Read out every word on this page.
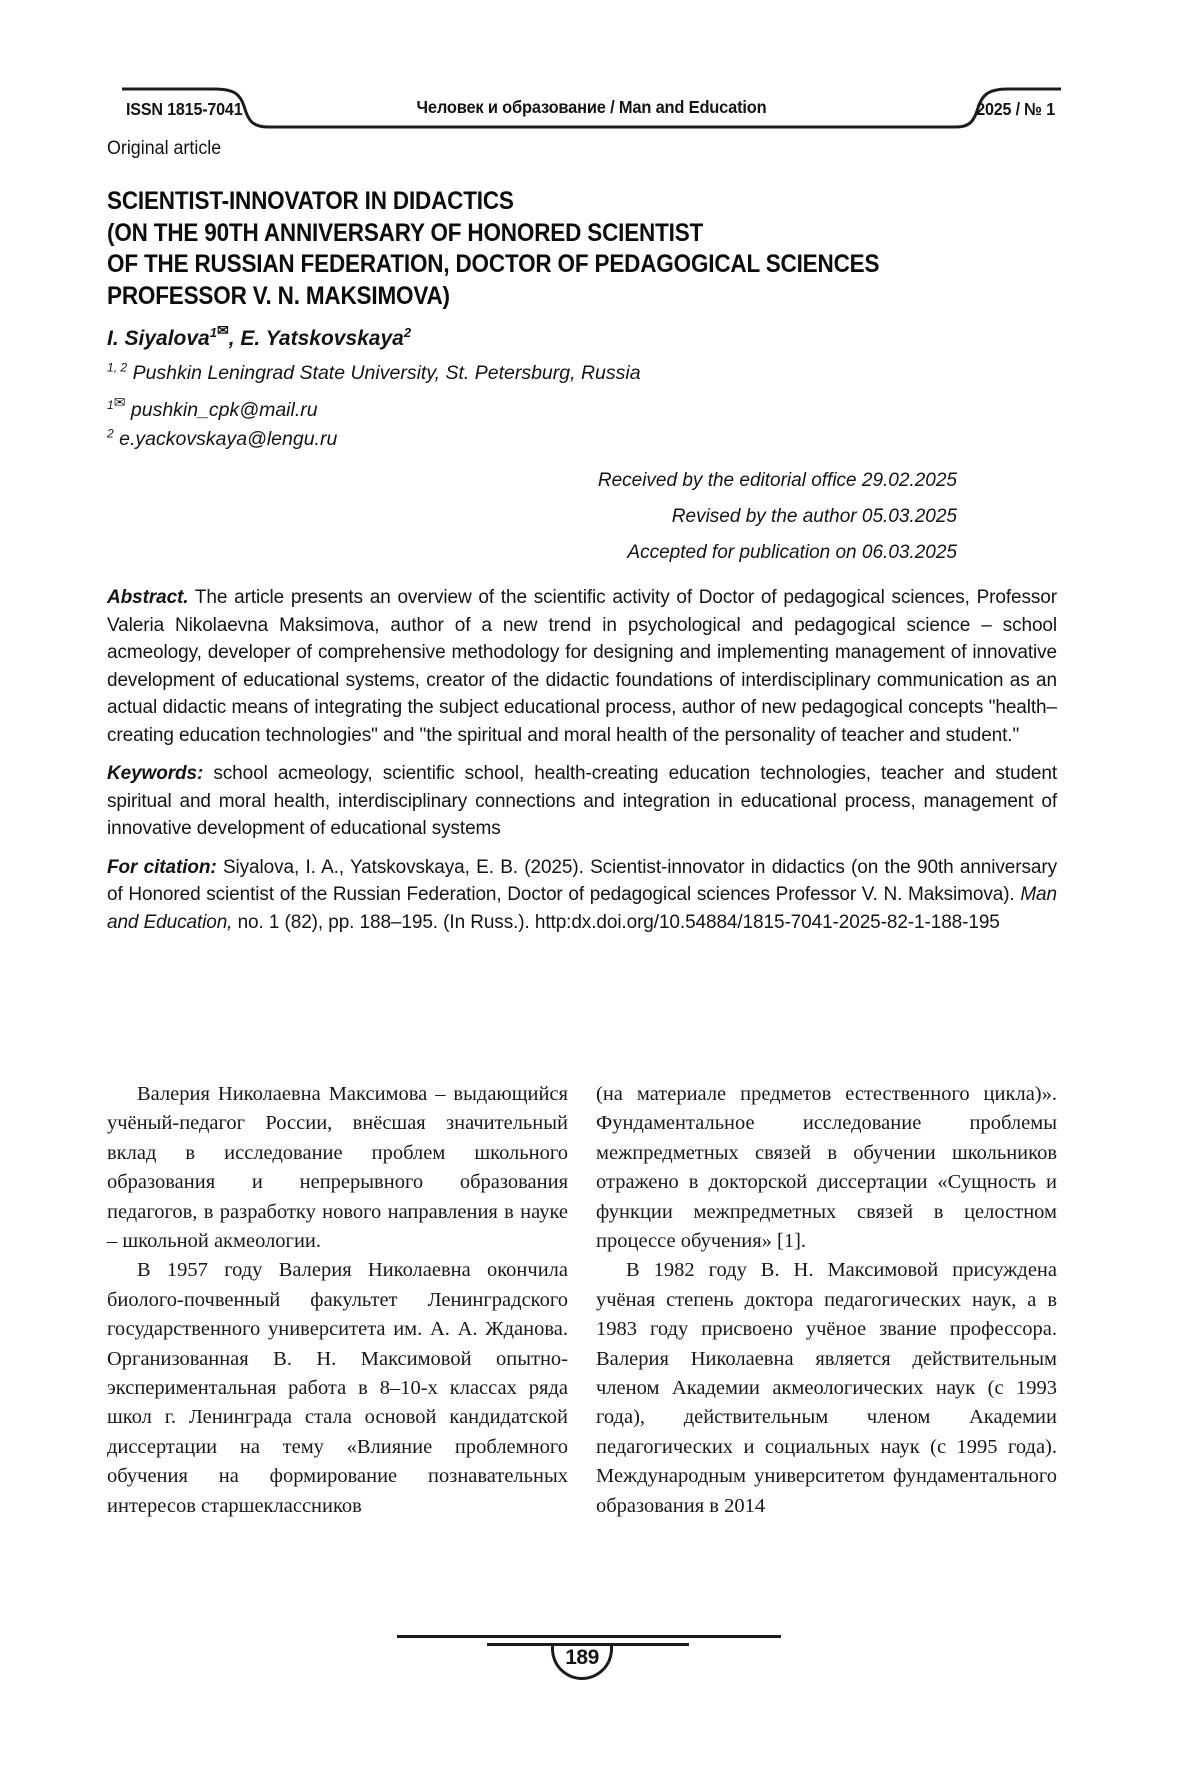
ISSN 1815-7041	Человек и образование / Man and Education	2025 / № 1

Original article

SCIENTIST-INNOVATOR IN DIDACTICS
(ON THE 90TH ANNIVERSARY OF HONORED SCIENTIST
OF THE RUSSIAN FEDERATION, DOCTOR OF PEDAGOGICAL SCIENCES
PROFESSOR V. N. MAKSIMOVA)

I. Siyalova$^{1✉}$, E. Yatskovskaya$^2$

$^{1, 2}$ Pushkin Leningrad State University, St. Petersburg, Russia

$^{1✉}$ pushkin_cpk@mail.ru

$^2$ e.yackovskaya@lengu.ru

Received by the editorial office 29.02.2025
Revised by the author 05.03.2025
Accepted for publication on 06.03.2025

Abstract. The article presents an overview of the scientific activity of Doctor of pedagogical sciences, Professor Valeria Nikolaevna Maksimova, author of a new trend in psychological and pedagogical science – school acmeology, developer of comprehensive methodology for designing and implementing management of innovative development of educational systems, creator of the didactic foundations of interdisciplinary communication as an actual didactic means of integrating the subject educational process, author of new pedagogical concepts "health–creating education technologies" and "the spiritual and moral health of the personality of teacher and student."

Keywords: school acmeology, scientific school, health-creating education technologies, teacher and student spiritual and moral health, interdisciplinary connections and integration in educational process, management of innovative development of educational systems

For citation: Siyalova, I. A., Yatskovskaya, E. B. (2025). Scientist-innovator in didactics (on the 90th anniversary of Honored scientist of the Russian Federation, Doctor of pedagogical sciences Professor V. N. Maksimova). Man and Education, no. 1 (82), pp. 188–195. (In Russ.). http:dx.doi.org/10.54884/1815-7041-2025-82-1-188-195

Валерия Николаевна Максимова – выдающийся учёный-педагог России, внёсшая значительный вклад в исследование проблем школьного образования и непрерывного образования педагогов, в разработку нового направления в науке – школьной акмеологии.

В 1957 году Валерия Николаевна окончила биолого-почвенный факультет Ленинградского государственного университета им. А. А. Жданова. Организованная В. Н. Максимовой опытно-экспериментальная работа в 8–10-х классах ряда школ г. Ленинграда стала основой кандидатской диссертации на тему «Влияние проблемного обучения на формирование познавательных интересов старшеклассников

(на материале предметов естественного цикла)». Фундаментальное исследование проблемы межпредметных связей в обучении школьников отражено в докторской диссертации «Сущность и функции межпредметных связей в целостном процессе обучения» [1].

В 1982 году В. Н. Максимовой присуждена учёная степень доктора педагогических наук, а в 1983 году присвоено учёное звание профессора. Валерия Николаевна является действительным членом Академии акмеологических наук (с 1993 года), действительным членом Академии педагогических и социальных наук (с 1995 года). Международным университетом фундаментального образования в 2014

189
